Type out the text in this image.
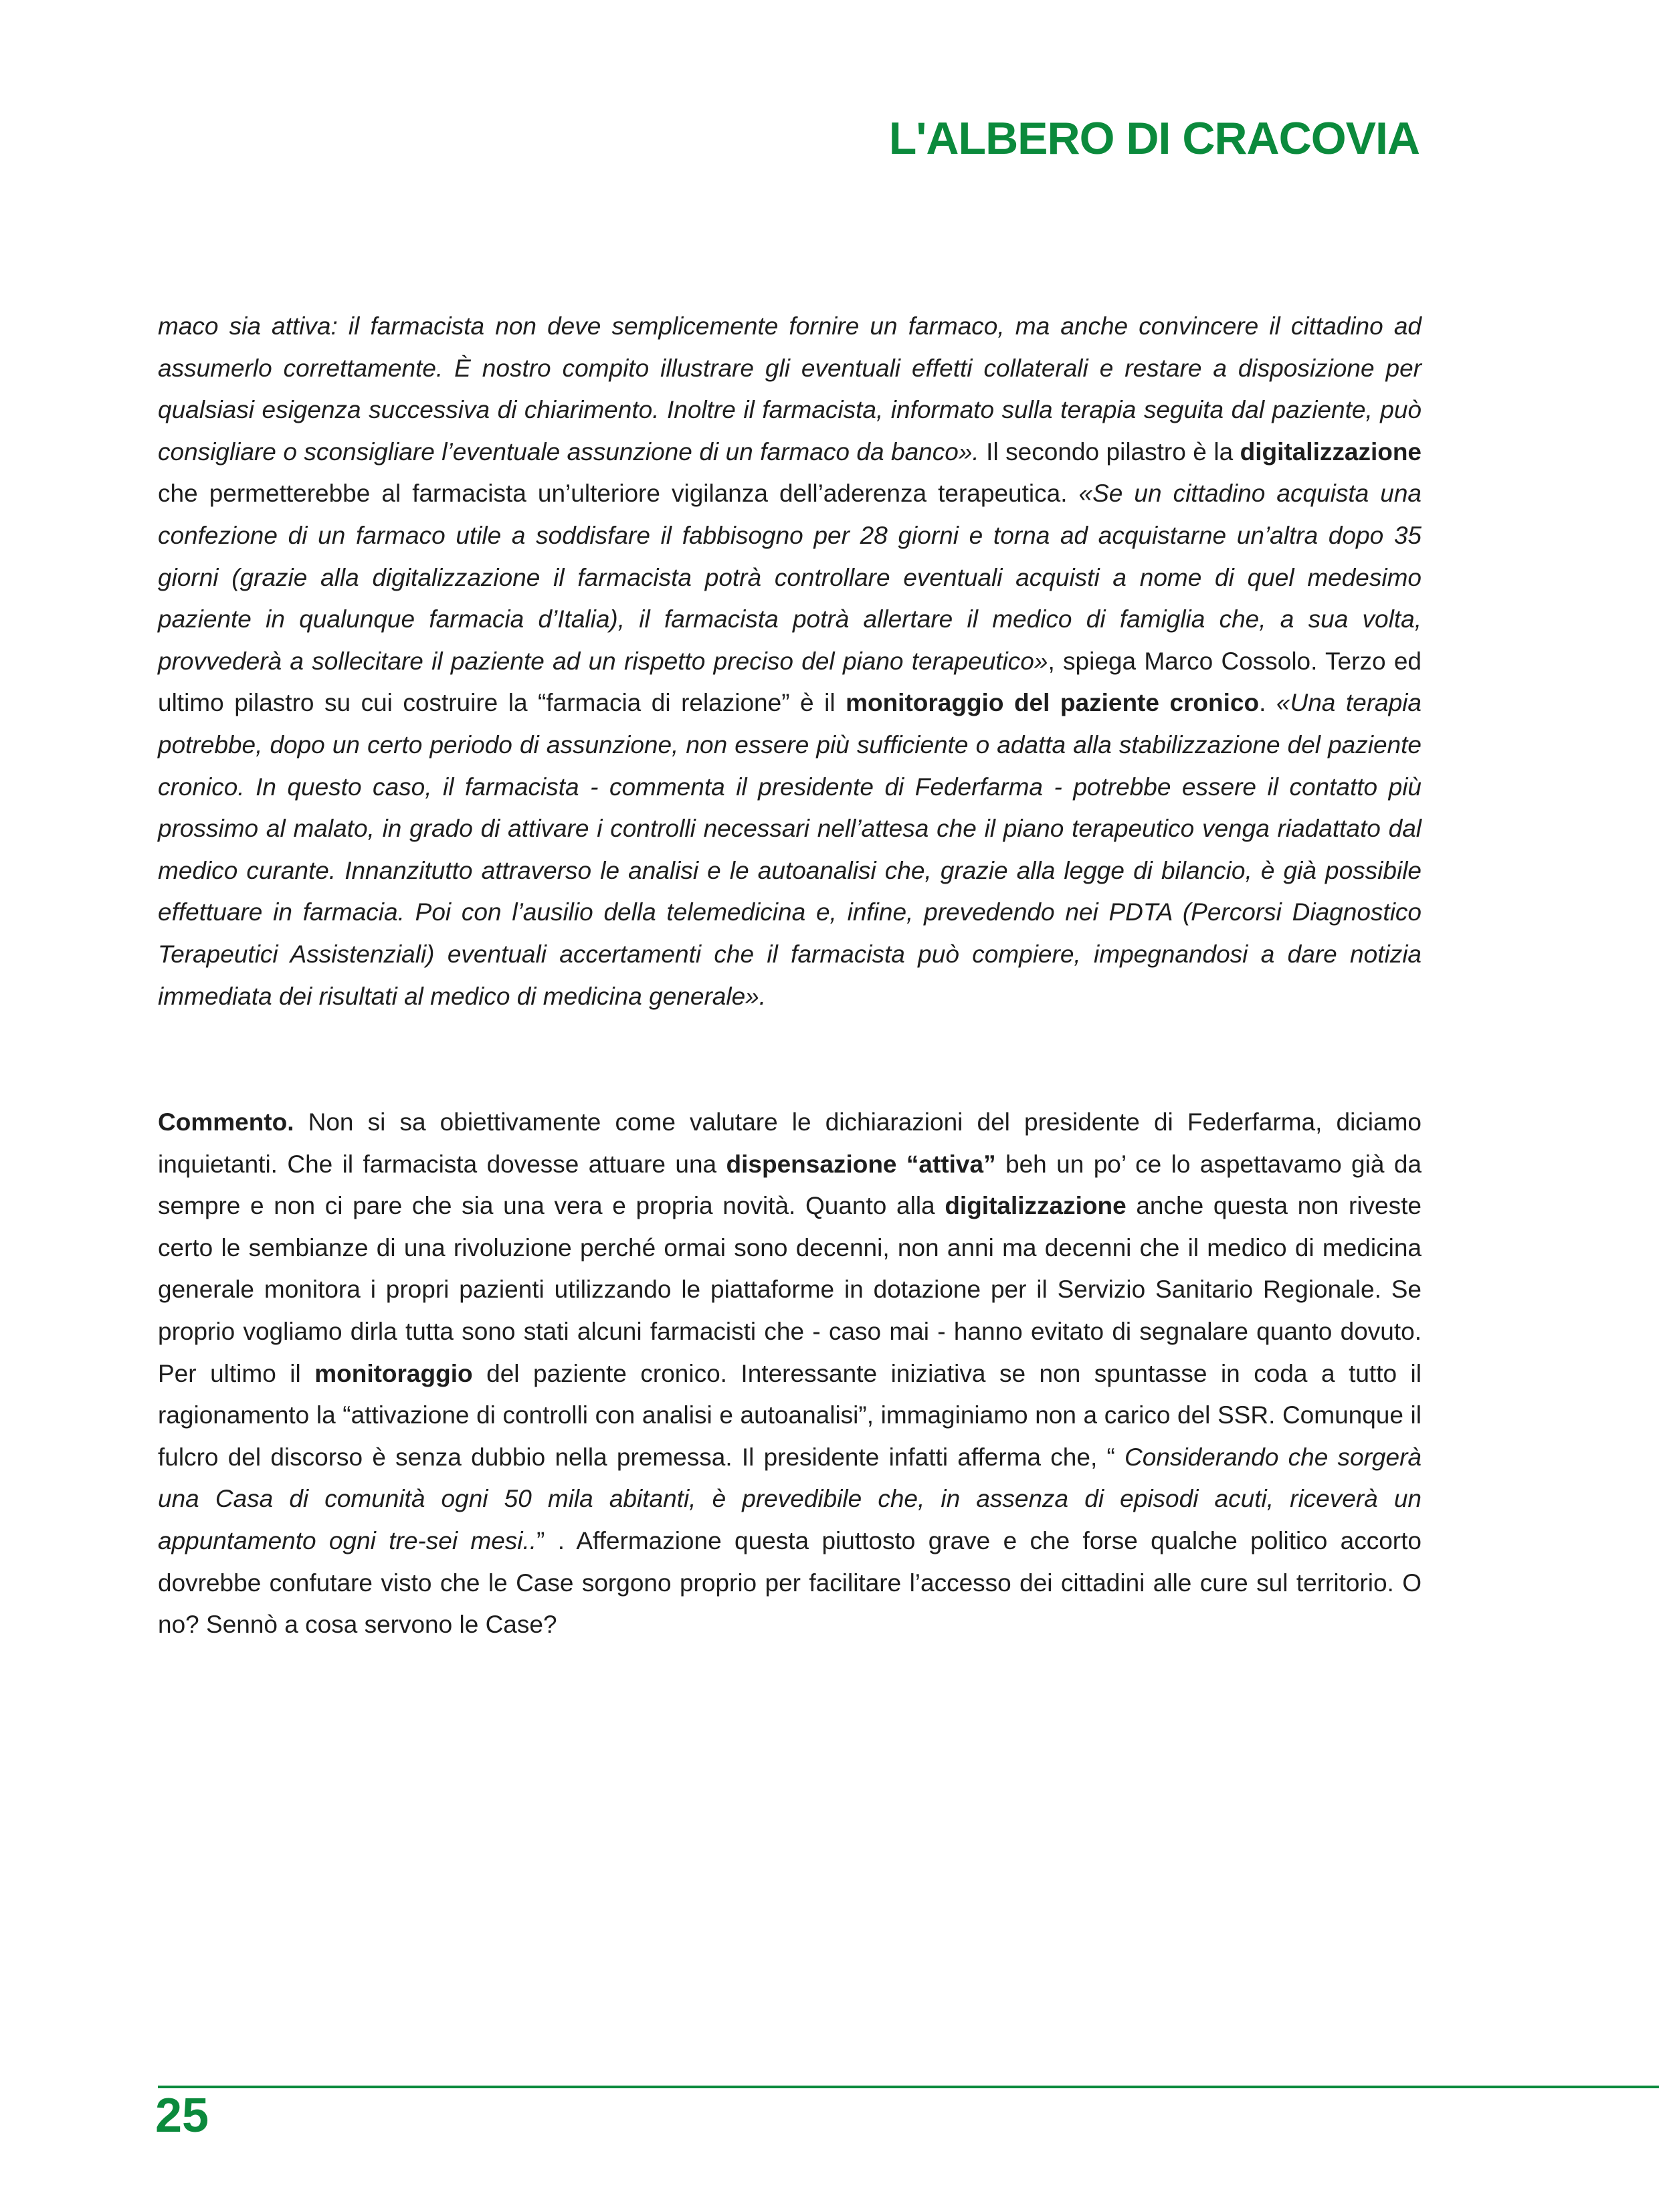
L'ALBERO DI CRACOVIA

maco sia attiva: il farmacista non deve semplicemente fornire un farmaco, ma anche convincere il cittadino ad assumerlo correttamente. È nostro compito illustrare gli eventuali effetti collaterali e restare a disposizione per qualsiasi esigenza successiva di chiarimento. Inoltre il farmacista, informato sulla terapia seguita dal paziente, può consigliare o sconsigliare l’eventuale assunzione di un farmaco da banco». Il secondo pilastro è la digitalizzazione che permetterebbe al farmacista un’ulteriore vigilanza dell’aderenza terapeutica. «Se un cittadino acquista una confezione di un farmaco utile a soddisfare il fabbisogno per 28 giorni e torna ad acquistarne un’altra dopo 35 giorni (grazie alla digitalizzazione il farmacista potrà controllare eventuali acquisti a nome di quel medesimo paziente in qualunque farmacia d’Italia), il farmacista potrà allertare il medico di famiglia che, a sua volta, provvederà a sollecitare il paziente ad un rispetto preciso del piano terapeutico», spiega Marco Cossolo. Terzo ed ultimo pilastro su cui costruire la “farmacia di relazione” è il monitoraggio del paziente cronico. «Una terapia potrebbe, dopo un certo periodo di assunzione, non essere più sufficiente o adatta alla stabilizzazione del paziente cronico. In questo caso, il farmacista - commenta il presidente di Federfarma - potrebbe essere il contatto più prossimo al malato, in grado di attivare i controlli necessari nell’attesa che il piano terapeutico venga riadattato dal medico curante. Innanzitutto attraverso le analisi e le autoanalisi che, grazie alla legge di bilancio, è già possibile effettuare in farmacia. Poi con l’ausilio della telemedicina e, infine, prevedendo nei PDTA (Percorsi Diagnostico Terapeutici Assistenziali) eventuali accertamenti che il farmacista può compiere, impegnandosi a dare notizia immediata dei risultati al medico di medicina generale».

Commento. Non si sa obiettivamente come valutare le dichiarazioni del presidente di Federfarma, diciamo inquietanti. Che il farmacista dovesse attuare una dispensazione “attiva” beh un po’ ce lo aspettavamo già da sempre e non ci pare che sia una vera e propria novità. Quanto alla digitalizzazione anche questa non riveste certo le sembianze di una rivoluzione perché ormai sono decenni, non anni ma decenni che il medico di medicina generale monitora i propri pazienti utilizzando le piattaforme in dotazione per il Servizio Sanitario Regionale. Se proprio vogliamo dirla tutta sono stati alcuni farmacisti che - caso mai - hanno evitato di segnalare quanto dovuto. Per ultimo il monitoraggio del paziente cronico. Interessante iniziativa se non spuntasse in coda a tutto il ragionamento la “attivazione di controlli con analisi e autoanalisi”, immaginiamo non a carico del SSR. Comunque il fulcro del discorso è senza dubbio nella premessa. Il presidente infatti afferma che, “ Considerando che sorgerà una Casa di comunità ogni 50 mila abitanti, è prevedibile che, in assenza di episodi acuti, riceverà un appuntamento ogni tre-sei mesi..” . Affermazione questa piuttosto grave e che forse qualche politico accorto dovrebbe confutare visto che le Case sorgono proprio per facilitare l’accesso dei cittadini alle cure sul territorio. O no? Sennò a cosa servono le Case?

25
